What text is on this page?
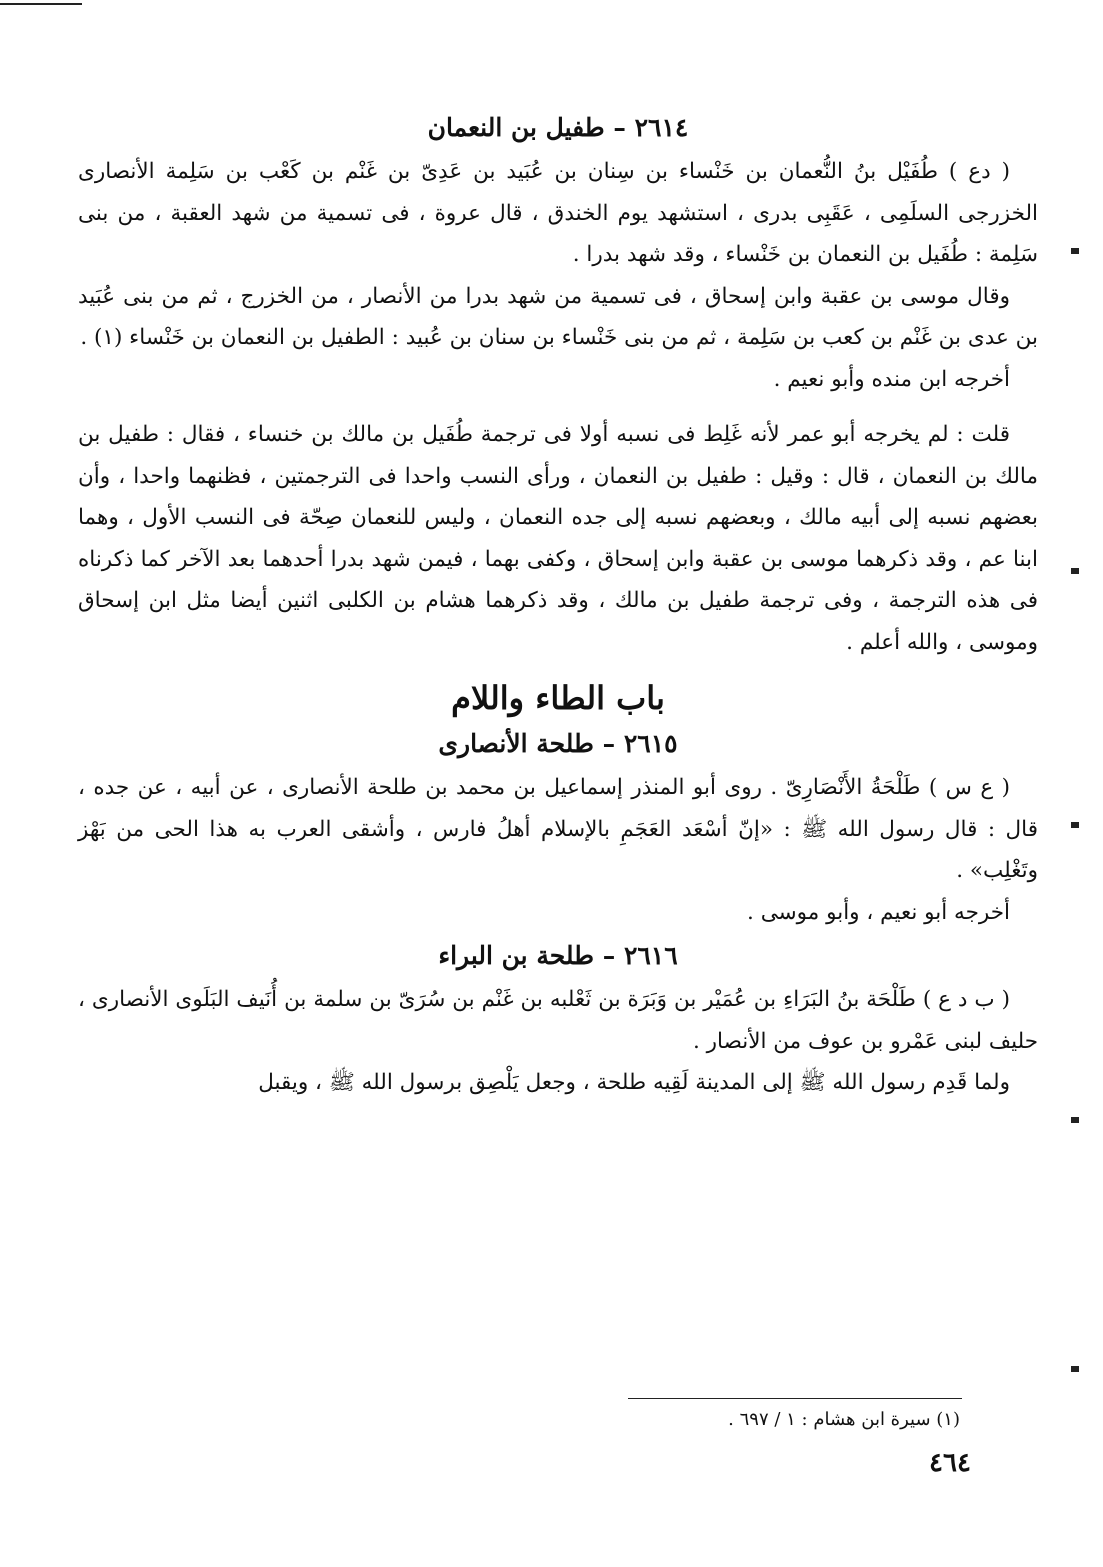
٢٦١٤ – طفيل بن النعمان

( دع ) طُفَيْل بنُ النُّعمان بن خَنْساء بن سِنان بن عُبَيد بن عَدِىّ بن غَنْم بن كَعْب بن سَلِمة الأنصارى الخزرجى السلَمِى ، عَقَبِى بدرى ، استشهد يوم الخندق ، قال عروة ، فى تسمية من شهد العقبة ، من بنى سَلِمة : طُفَيل بن النعمان بن خَنْساء ، وقد شهد بدرا .

وقال موسى بن عقبة وابن إسحاق ، فى تسمية من شهد بدرا من الأنصار ، من الخزرج ، ثم من بنى عُبَيد بن عدى بن غَنْم بن كعب بن سَلِمة ، ثم من بنى خَنْساء بن سنان بن عُبيد : الطفيل بن النعمان بن خَنْساء (١) .

أخرجه ابن منده وأبو نعيم .

قلت : لم يخرجه أبو عمر لأنه غَلِط فى نسبه أولا فى ترجمة طُفَيل بن مالك بن خنساء ، فقال : طفيل بن مالك بن النعمان ، قال : وقيل : طفيل بن النعمان ، ورأى النسب واحدا فى الترجمتين ، فظنهما واحدا ، وأن بعضهم نسبه إلى أبيه مالك ، وبعضهم نسبه إلى جده النعمان ، وليس للنعمان صِحّة فى النسب الأول ، وهما ابنا عم ، وقد ذكرهما موسى بن عقبة وابن إسحاق ، وكفى بهما ، فيمن شهد بدرا أحدهما بعد الآخر كما ذكرناه فى هذه الترجمة ، وفى ترجمة طفيل بن مالك ، وقد ذكرهما هشام بن الكلبى اثنين أيضا مثل ابن إسحاق وموسى ، والله أعلم .

باب الطاء واللام
٢٦١٥ – طلحة الأنصارى

( ع س ) طَلْحَةُ الأَنْصَارِىّ . روى أبو المنذر إسماعيل بن محمد بن طلحة الأنصارى ، عن أبيه ، عن جده ، قال : قال رسول الله ﷺ : «إنّ أسْعَد العَجَمِ بالإسلام أهلُ فارس ، وأشقى العرب به هذا الحى من بَهْز وتَغْلِب» .

أخرجه أبو نعيم ، وأبو موسى .

٢٦١٦ – طلحة بن البراء

( ب د ع ) طَلْحَة بنُ البَرَاءِ بن عُمَيْر بن وَبَرَة بن ثَعْلبه بن غَنْم بن سُرَىّ بن سلمة بن أُنَيف البَلَوى الأنصارى ، حليف لبنى عَمْرو بن عوف من الأنصار .

ولما قَدِم رسول الله ﷺ إلى المدينة لَقِيه طلحة ، وجعل يَلْصِق برسول الله ﷺ ، ويقبل

(١) سيرة ابن هشام : ١ / ٦٩٧ .
٤٦٤
